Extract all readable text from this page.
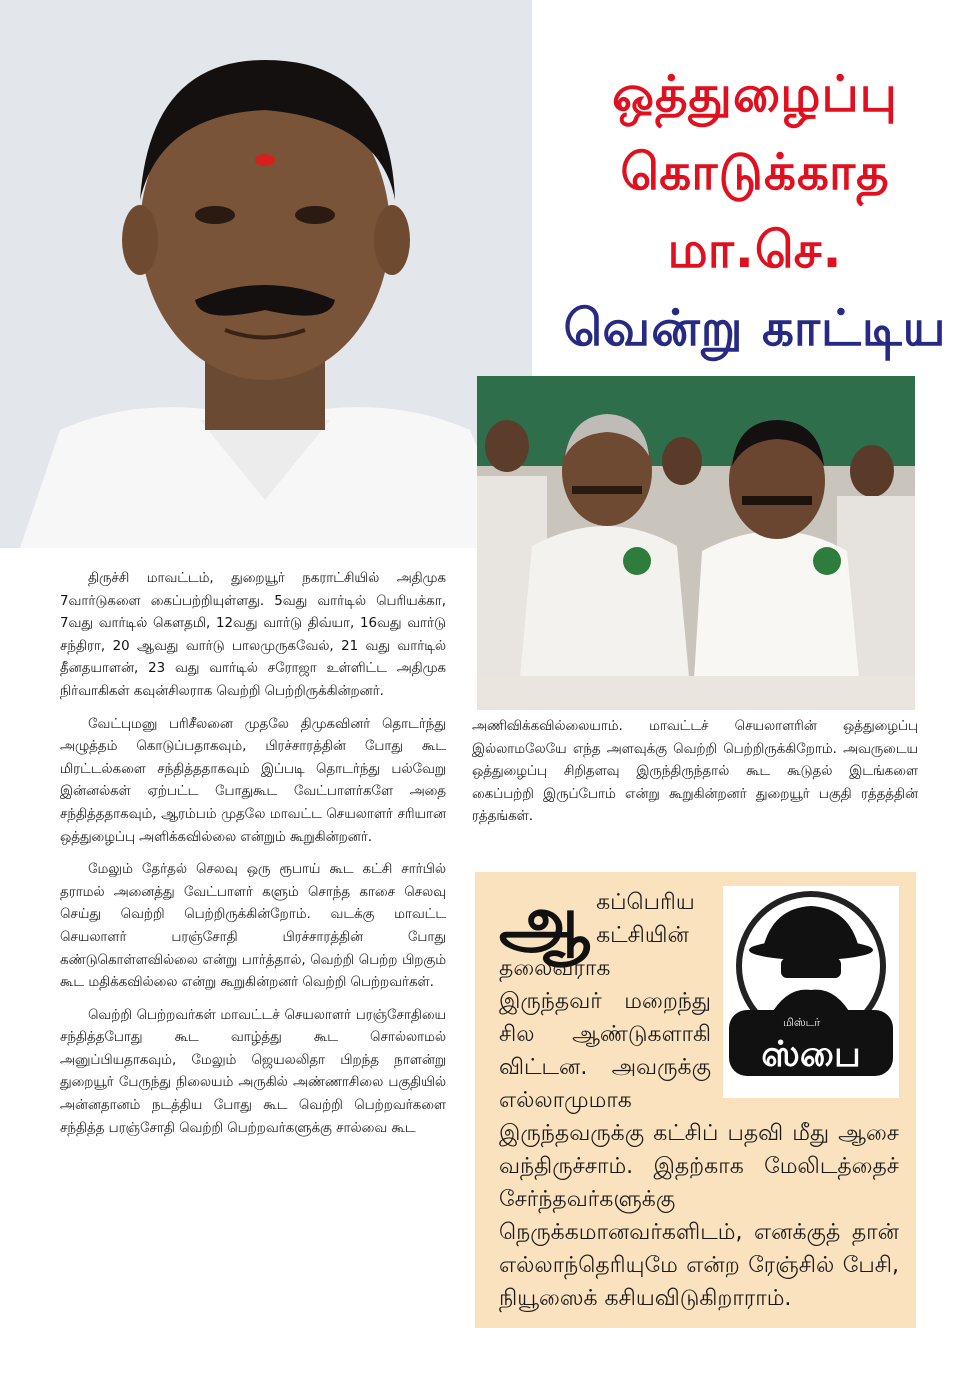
ஒத்துழைப்பு
கொடுக்காத மா.செ.
வென்று காட்டிய

திருச்சி மாவட்டம், துறையூர் நகராட்சியில் அதிமுக 7வார்டுகளை கைப்பற்றியுள்ளது. 5வது வார்டில் பெரியக்கா, 7வது வார்டில் கௌதமி, 12வது வார்டு திவ்யா, 16வது வார்டு சந்திரா, 20 ஆவது வார்டு பாலமுருகவேல், 21 வது வார்டில் தீனதயாளன், 23 வது வார்டில் சரோஜா உள்ளிட்ட அதிமுக நிர்வாகிகள் கவுன்சிலராக வெற்றி பெற்றிருக்கின்றனர்.

வேட்புமனு பரிசீலனை முதலே திமுகவினர் தொடர்ந்து அழுத்தம் கொடுப்பதாகவும், பிரச்சாரத்தின் போது கூட மிரட்டல்களை சந்தித்ததாகவும் இப்படி தொடர்ந்து பல்வேறு இன்னல்கள் ஏற்பட்ட போதுகூட வேட்பாளர்களே அதை சந்தித்ததாகவும், ஆரம்பம் முதலே மாவட்ட செயலாளர் சரியான ஒத்துழைப்பு அளிக்கவில்லை என்றும் கூறுகின்றனர்.

மேலும் தேர்தல் செலவு ஒரு ரூபாய் கூட கட்சி சார்பில் தராமல் அனைத்து வேட்பாளர் களும் சொந்த காசை செலவு செய்து வெற்றி பெற்றிருக்கின்றோம். வடக்கு மாவட்ட செயலாளர் பரஞ்சோதி பிரச்சாரத்தின் போது கண்டுகொள்ளவில்லை என்று பார்த்தால், வெற்றி பெற்ற பிறகும் கூட மதிக்கவில்லை என்று கூறுகின்றனர் வெற்றி பெற்றவர்கள்.

வெற்றி பெற்றவர்கள் மாவட்டச் செயலாளர் பரஞ்சோதியை சந்தித்தபோது கூட வாழ்த்து கூட சொல்லாமல் அனுப்பியதாகவும், மேலும் ஜெயலலிதா பிறந்த நாளன்று துறையூர் பேருந்து நிலையம் அருகில் அண்ணாசிலை பகுதியில் அன்னதானம் நடத்திய போது கூட வெற்றி பெற்றவர்களை சந்தித்த பரஞ்சோதி வெற்றி பெற்றவர்களுக்கு சால்வை கூட

அணிவிக்கவில்லையாம். மாவட்டச் செயலாளரின் ஒத்துழைப்பு இல்லாமலேயே எந்த அளவுக்கு வெற்றி பெற்றிருக்கிறோம். அவருடைய ஒத்துழைப்பு சிறிதளவு இருந்திருந்தால் கூட கூடுதல் இடங்களை கைப்பற்றி இருப்போம் என்று கூறுகின்றனர் துறையூர் பகுதி ரத்தத்தின் ரத்தங்கள்.

மிஸ்டர்
ஸ்பை
ஆ கப்பெரிய கட்சியின் தலைவராக இருந்தவர் மறைந்து சில ஆண்டுகளாகி விட்டன. அவருக்கு எல்லாமுமாக இருந்தவருக்கு கட்சிப் பதவி மீது ஆசை வந்திருச்சாம். இதற்காக மேலிடத்தைச் சேர்ந்தவர்களுக்கு நெருக்கமானவர்களிடம், எனக்குத் தான் எல்லாந்தெரியுமே என்ற ரேஞ்சில் பேசி, நியூஸைக் கசியவிடுகிறாராம்.
